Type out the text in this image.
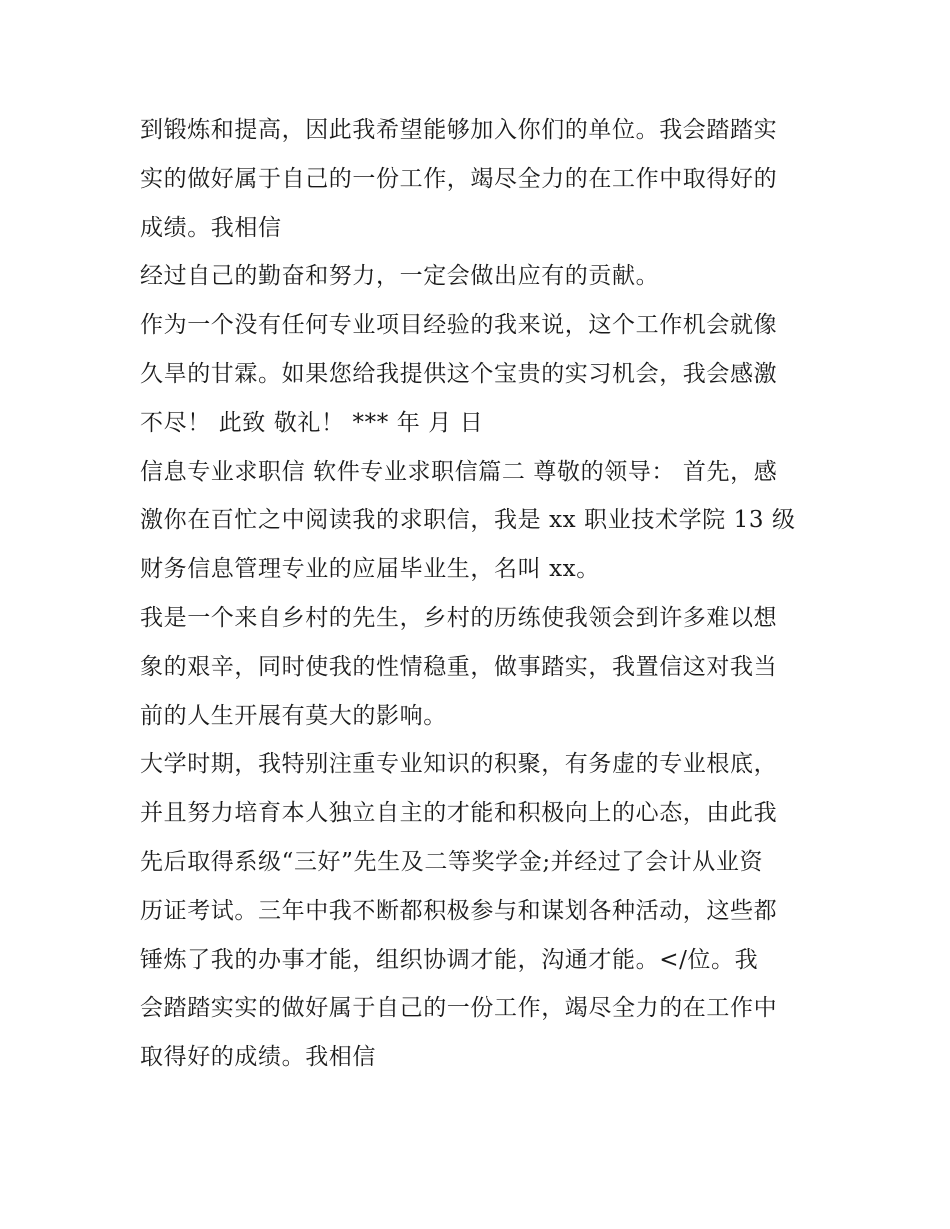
到锻炼和提高，因此我希望能够加入你们的单位。我会踏踏实
实的做好属于自己的一份工作，竭尽全力的在工作中取得好的
成绩。我相信
经过自己的勤奋和努力，一定会做出应有的贡献。
作为一个没有任何专业项目经验的我来说，这个工作机会就像
久旱的甘霖。如果您给我提供这个宝贵的实习机会，我会感激
不尽！ 此致 敬礼！ *** 年 月 日
信息专业求职信 软件专业求职信篇二 尊敬的领导： 首先，感
激你在百忙之中阅读我的求职信，我是 xx 职业技术学院 13 级
财务信息管理专业的应届毕业生，名叫 xx。
我是一个来自乡村的先生，乡村的历练使我领会到许多难以想
象的艰辛，同时使我的性情稳重，做事踏实，我置信这对我当
前的人生开展有莫大的影响。
大学时期，我特别注重专业知识的积聚，有务虚的专业根底，
并且努力培育本人独立自主的才能和积极向上的心态，由此我
先后取得系级“三好”先生及二等奖学金;并经过了会计从业资
历证考试。三年中我不断都积极参与和谋划各种活动，这些都
锤炼了我的办事才能，组织协调才能，沟通才能。</位。我
会踏踏实实的做好属于自己的一份工作，竭尽全力的在工作中
取得好的成绩。我相信
